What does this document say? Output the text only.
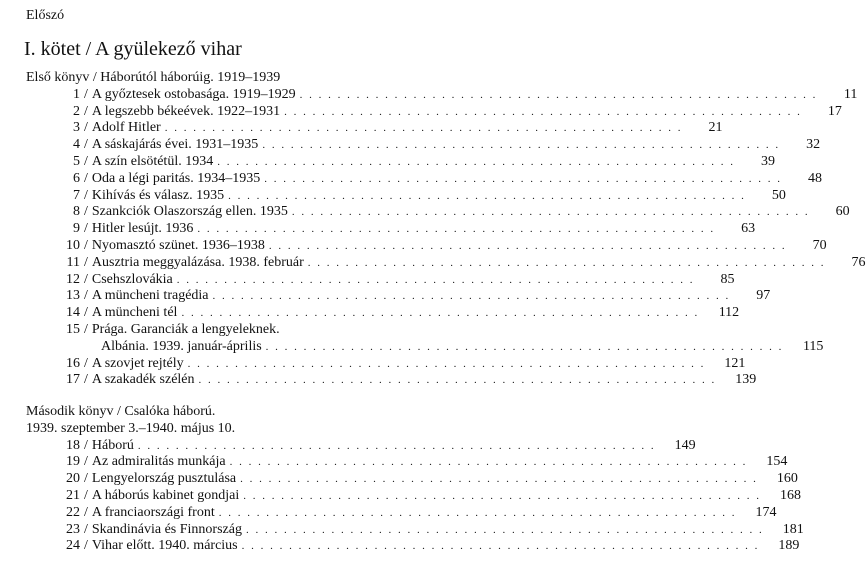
Előszó
I. kötet / A gyülekező vihar
Első könyv / Háborútól háborúig. 1919–1939
1 / A győztesek ostobasága. 1919–1929 . . . . . . . . . . . . . . . . . . . . . . . . . . . . . . . . . . . . . . . . . . . . . . . . . . . . . . .	11
2 / A legszebb békeévek. 1922–1931 . . . . . . . . . . . . . . . . . . . . . . . . . . . . . . . . . . . . . . . . . . . . . . . . . . . . . . .	17
3 / Adolf Hitler . . . . . . . . . . . . . . . . . . . . . . . . . . . . . . . . . . . . . . . . . . . . . . . . . . . . . . .	21
4 / A sáskajárás évei. 1931–1935 . . . . . . . . . . . . . . . . . . . . . . . . . . . . . . . . . . . . . . . . . . . . . . . . . . . . . . .	32
5 / A szín elsötétül. 1934 . . . . . . . . . . . . . . . . . . . . . . . . . . . . . . . . . . . . . . . . . . . . . . . . . . . . . . .	39
6 / Oda a légi paritás. 1934–1935 . . . . . . . . . . . . . . . . . . . . . . . . . . . . . . . . . . . . . . . . . . . . . . . . . . . . . . .	48
7 / Kihívás és válasz. 1935 . . . . . . . . . . . . . . . . . . . . . . . . . . . . . . . . . . . . . . . . . . . . . . . . . . . . . . .	50
8 / Szankciók Olaszország ellen. 1935 . . . . . . . . . . . . . . . . . . . . . . . . . . . . . . . . . . . . . . . . . . . . . . . . . . . . . . .	60
9 / Hitler lesújt. 1936 . . . . . . . . . . . . . . . . . . . . . . . . . . . . . . . . . . . . . . . . . . . . . . . . . . . . . . .	63
10 / Nyomasztó szünet. 1936–1938 . . . . . . . . . . . . . . . . . . . . . . . . . . . . . . . . . . . . . . . . . . . . . . . . . . . . . . .	70
11 / Ausztria meggyalázása. 1938. február . . . . . . . . . . . . . . . . . . . . . . . . . . . . . . . . . . . . . . . . . . . . . . . . . . . . . . .	76
12 / Csehszlovákia . . . . . . . . . . . . . . . . . . . . . . . . . . . . . . . . . . . . . . . . . . . . . . . . . . . . . . .	85
13 / A müncheni tragédia . . . . . . . . . . . . . . . . . . . . . . . . . . . . . . . . . . . . . . . . . . . . . . . . . . . . . . .	97
14 / A müncheni tél . . . . . . . . . . . . . . . . . . . . . . . . . . . . . . . . . . . . . . . . . . . . . . . . . . . . . . .	112
15 / Prága. Garanciák a lengyeleknek.
Albánia. 1939. január-április . . . . . . . . . . . . . . . . . . . . . . . . . . . . . . . . . . . . . . . . . . . . . . . . . . . . . . .	115
16 / A szovjet rejtély . . . . . . . . . . . . . . . . . . . . . . . . . . . . . . . . . . . . . . . . . . . . . . . . . . . . . . .	121
17 / A szakadék szélén . . . . . . . . . . . . . . . . . . . . . . . . . . . . . . . . . . . . . . . . . . . . . . . . . . . . . . .	139
Második könyv / Csalóka háború.
1939. szeptember 3.–1940. május 10.
18 / Háború . . . . . . . . . . . . . . . . . . . . . . . . . . . . . . . . . . . . . . . . . . . . . . . . . . . . . . .	149
19 / Az admiralitás munkája . . . . . . . . . . . . . . . . . . . . . . . . . . . . . . . . . . . . . . . . . . . . . . . . . . . . . . .	154
20 / Lengyelország pusztulása . . . . . . . . . . . . . . . . . . . . . . . . . . . . . . . . . . . . . . . . . . . . . . . . . . . . . . .	160
21 / A háborús kabinet gondjai . . . . . . . . . . . . . . . . . . . . . . . . . . . . . . . . . . . . . . . . . . . . . . . . . . . . . . .	168
22 / A franciaországi front . . . . . . . . . . . . . . . . . . . . . . . . . . . . . . . . . . . . . . . . . . . . . . . . . . . . . . .	174
23 / Skandinávia és Finnország . . . . . . . . . . . . . . . . . . . . . . . . . . . . . . . . . . . . . . . . . . . . . . . . . . . . . . .	181
24 / Vihar előtt. 1940. március . . . . . . . . . . . . . . . . . . . . . . . . . . . . . . . . . . . . . . . . . . . . . . . . . . . . . . .	189
